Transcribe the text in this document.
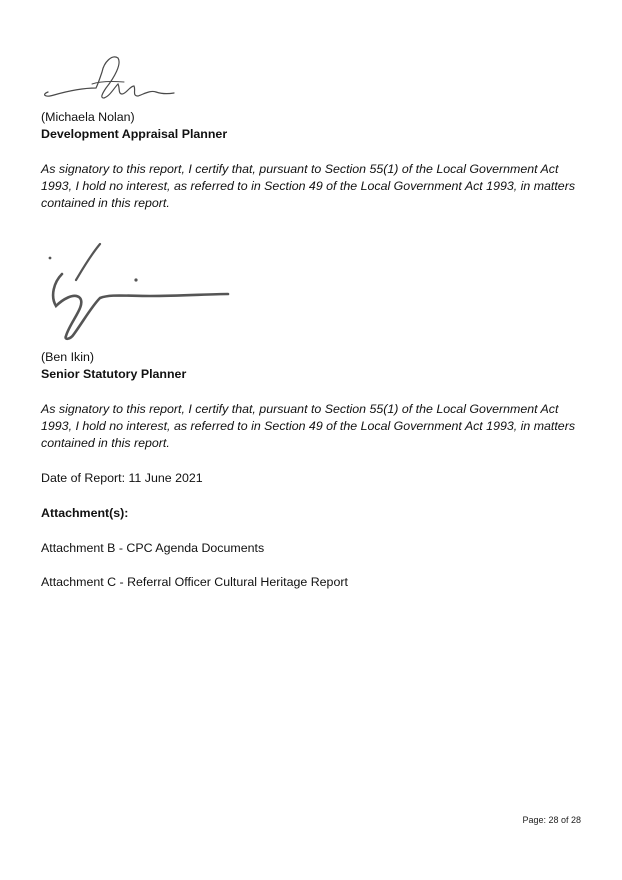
(Michaela Nolan)

Development Appraisal Planner

As signatory to this report, I certify that, pursuant to Section 55(1) of the Local Government Act 1993, I hold no interest, as referred to in Section 49 of the Local Government Act 1993, in matters contained in this report.

(Ben Ikin)

Senior Statutory Planner

As signatory to this report, I certify that, pursuant to Section 55(1) of the Local Government Act 1993, I hold no interest, as referred to in Section 49 of the Local Government Act 1993, in matters contained in this report.

Date of Report: 11 June 2021

Attachment(s):

Attachment B - CPC Agenda Documents

Attachment C - Referral Officer Cultural Heritage Report

Page: 28 of 28
